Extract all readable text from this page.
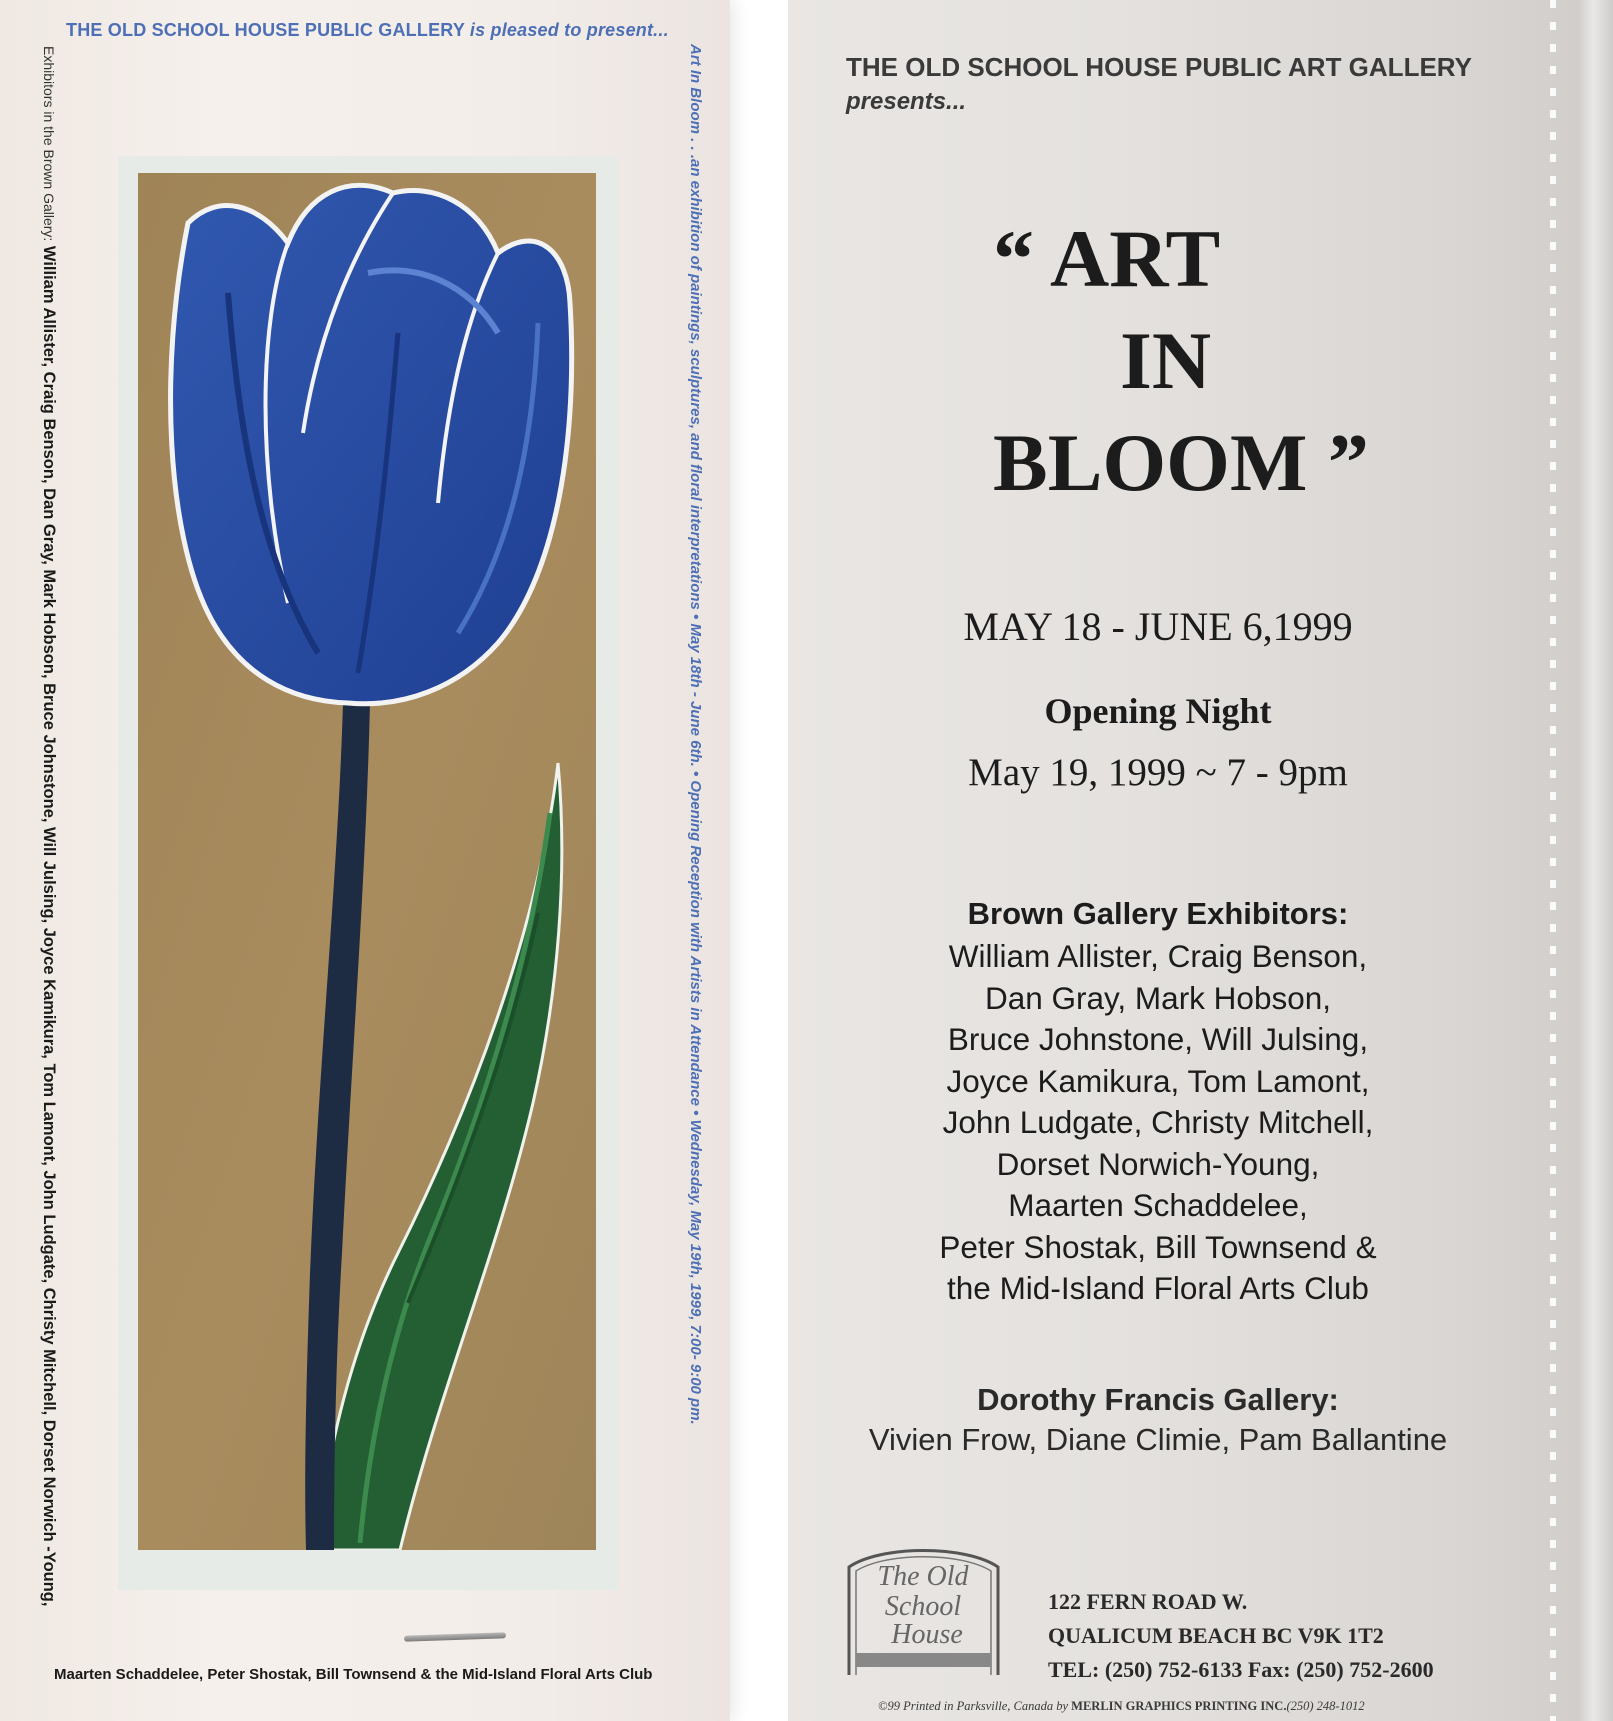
THE OLD SCHOOL HOUSE PUBLIC GALLERY is pleased to present...
Exhibitors in the Brown Gallery: William Allister, Craig Benson, Dan Gray, Mark Hobson, Bruce Johnstone, Will Julsing, Joyce Kamikura, Tom Lamont, John Ludgate, Christy Mitchell, Dorset Norwich -Young,	Art In Bloom . . .an exhibition of paintings, sculptures, and floral interpretations • May 18th - June 6th. • Opening Reception with Artists in Attendance • Wednesday, May 19th, 1999, 7:00- 9:00 pm.
Maarten Schaddelee, Peter Shostak, Bill Townsend & the Mid-Island Floral Arts Club
THE OLD SCHOOL HOUSE PUBLIC ART GALLERY
presents...
“ ART
IN
BLOOM ”
MAY 18 - JUNE 6,1999
Opening Night
May 19, 1999 ~ 7 - 9pm
Brown Gallery Exhibitors:
William Allister, Craig Benson,
Dan Gray, Mark Hobson,
Bruce Johnstone, Will Julsing,
Joyce Kamikura, Tom Lamont,
John Ludgate, Christy Mitchell,
Dorset Norwich-Young,
Maarten Schaddelee,
Peter Shostak, Bill Townsend &
the Mid-Island Floral Arts Club
Dorothy Francis Gallery:
Vivien Frow, Diane Climie, Pam Ballantine
The Old
School
House
122 FERN ROAD W.
QUALICUM BEACH BC V9K 1T2
TEL: (250) 752-6133 Fax: (250) 752-2600
©99 Printed in Parksville, Canada by MERLIN GRAPHICS PRINTING INC.(250) 248-1012
